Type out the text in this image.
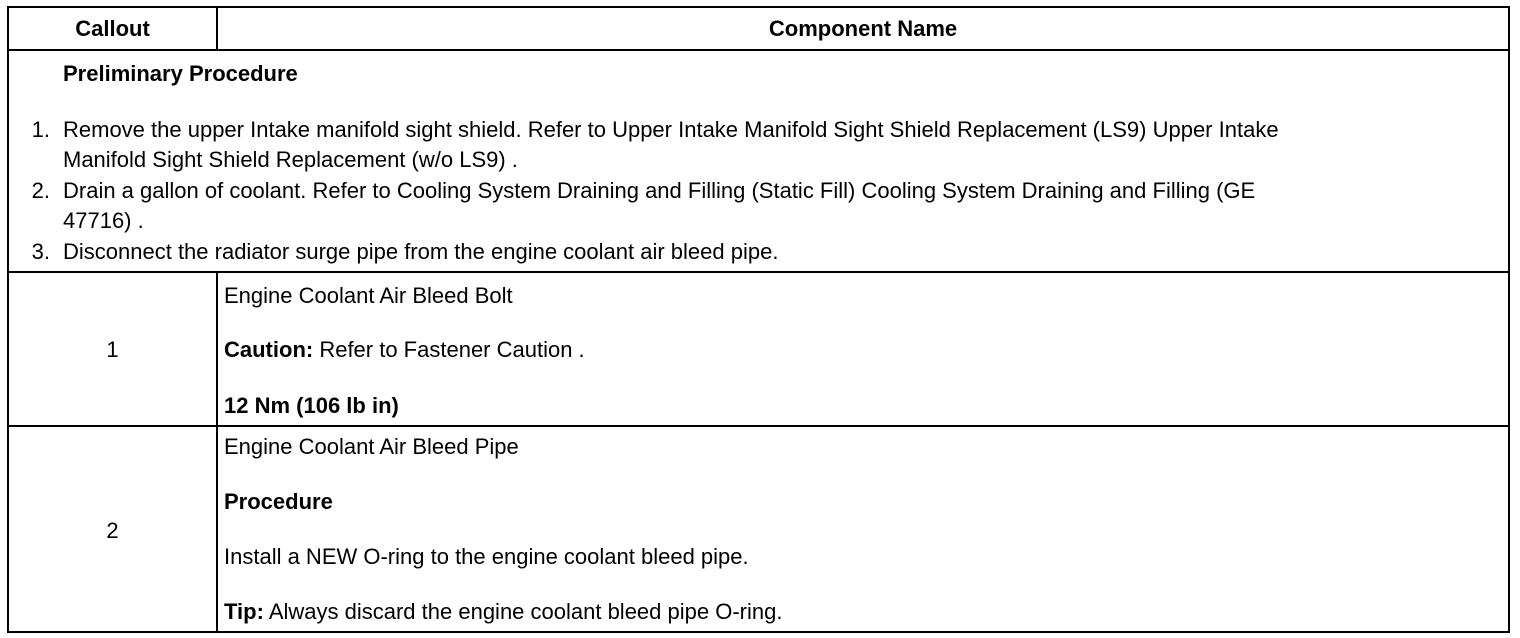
Callout	Component Name
Preliminary Procedure
1. Remove the upper Intake manifold sight shield. Refer to Upper Intake Manifold Sight Shield Replacement (LS9) Upper Intake
Manifold Sight Shield Replacement (w/o LS9) .
2. Drain a gallon of coolant. Refer to Cooling System Draining and Filling (Static Fill) Cooling System Draining and Filling (GE
47716) .
3. Disconnect the radiator surge pipe from the engine coolant air bleed pipe.
1
Engine Coolant Air Bleed Bolt
Caution: Refer to Fastener Caution .
12 Nm (106 lb in)
2
Engine Coolant Air Bleed Pipe
Procedure
Install a NEW O-ring to the engine coolant bleed pipe.
Tip: Always discard the engine coolant bleed pipe O-ring.
